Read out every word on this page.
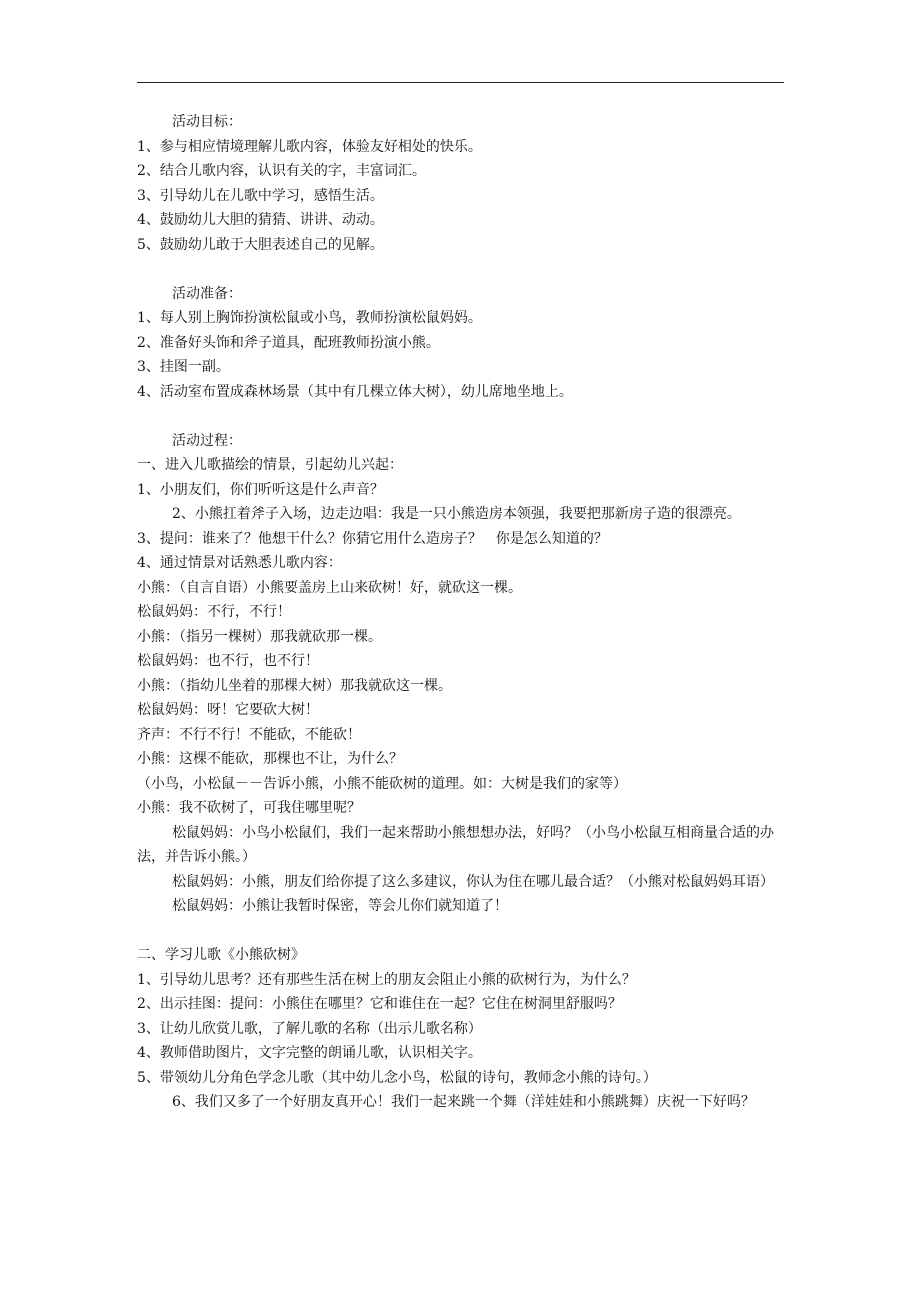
活动目标：
1、参与相应情境理解儿歌内容，体验友好相处的快乐。
2、结合儿歌内容，认识有关的字，丰富词汇。
3、引导幼儿在儿歌中学习，感悟生活。
4、鼓励幼儿大胆的猜猜、讲讲、动动。
5、鼓励幼儿敢于大胆表述自己的见解。
活动准备：
1、每人别上胸饰扮演松鼠或小鸟，教师扮演松鼠妈妈。
2、准备好头饰和斧子道具，配班教师扮演小熊。
3、挂图一副。
4、活动室布置成森林场景（其中有几棵立体大树），幼儿席地坐地上。
活动过程：
一、进入儿歌描绘的情景，引起幼儿兴起：
1、小朋友们，你们听听这是什么声音？
2、小熊扛着斧子入场，边走边唱：我是一只小熊造房本领强，我要把那新房子造的很漂亮。
3、提问：谁来了？他想干什么？你猜它用什么造房子？　你是怎么知道的？
4、通过情景对话熟悉儿歌内容：
小熊：（自言自语）小熊要盖房上山来砍树！好，就砍这一棵。
松鼠妈妈：不行，不行！
小熊：（指另一棵树）那我就砍那一棵。
松鼠妈妈：也不行，也不行！
小熊：（指幼儿坐着的那棵大树）那我就砍这一棵。
松鼠妈妈：呀！它要砍大树！
齐声：不行不行！不能砍，不能砍！
小熊：这棵不能砍，那棵也不让，为什么？
（小鸟，小松鼠－－告诉小熊，小熊不能砍树的道理。如：大树是我们的家等）
小熊：我不砍树了，可我住哪里呢？
松鼠妈妈：小鸟小松鼠们，我们一起来帮助小熊想想办法，好吗？（小鸟小松鼠互相商量合适的办法，并告诉小熊。）
松鼠妈妈：小熊，朋友们给你提了这么多建议，你认为住在哪儿最合适？（小熊对松鼠妈妈耳语）
松鼠妈妈：小熊让我暂时保密，等会儿你们就知道了！
二、学习儿歌《小熊砍树》
1、引导幼儿思考？还有那些生活在树上的朋友会阻止小熊的砍树行为，为什么？
2、出示挂图：提问：小熊住在哪里？它和谁住在一起？它住在树洞里舒服吗？
3、让幼儿欣赏儿歌，了解儿歌的名称（出示儿歌名称）
4、教师借助图片，文字完整的朗诵儿歌，认识相关字。
5、带领幼儿分角色学念儿歌（其中幼儿念小鸟，松鼠的诗句，教师念小熊的诗句。）
6、我们又多了一个好朋友真开心！我们一起来跳一个舞（洋娃娃和小熊跳舞）庆祝一下好吗？
